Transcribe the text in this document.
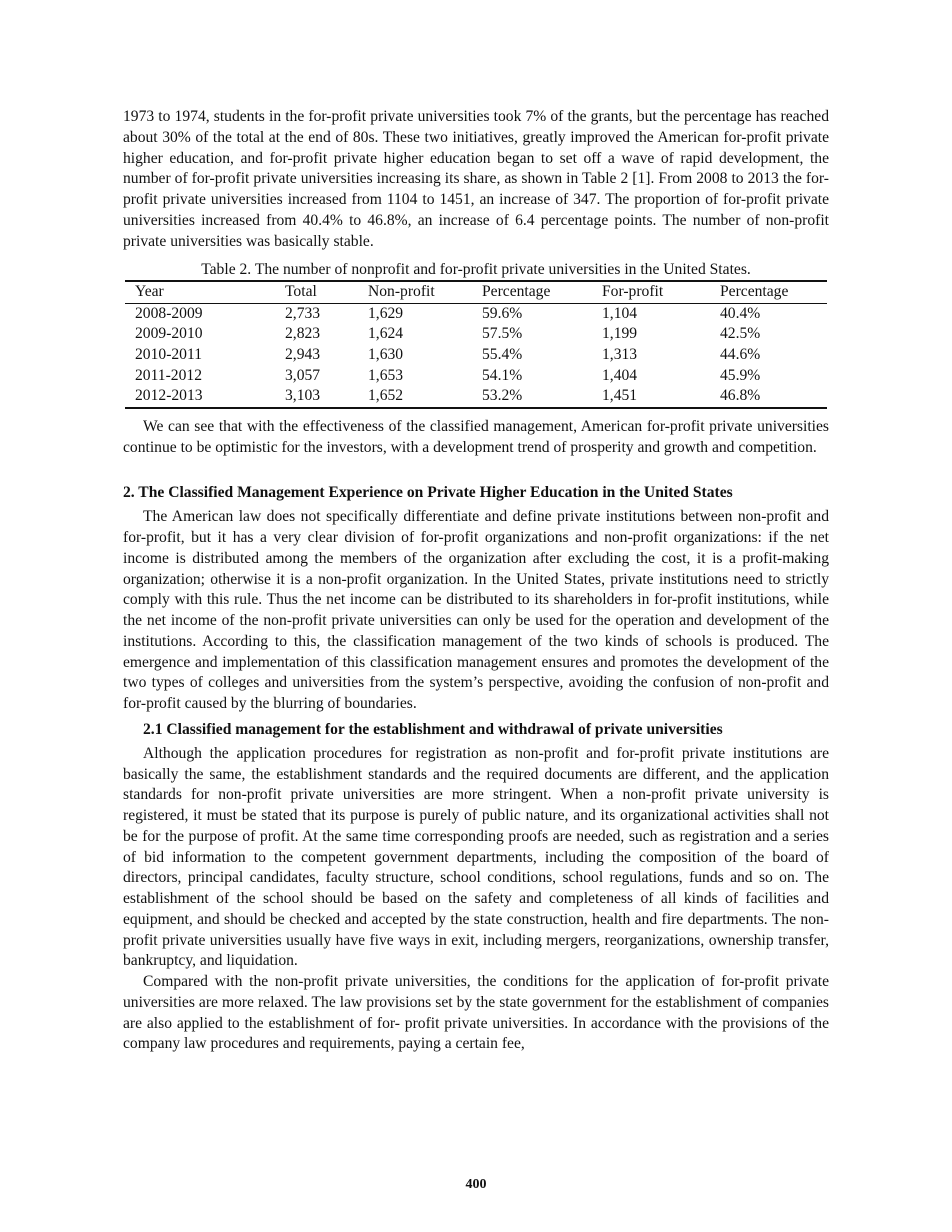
1973 to 1974, students in the for-profit private universities took 7% of the grants, but the percentage has reached about 30% of the total at the end of 80s. These two initiatives, greatly improved the American for-profit private higher education, and for-profit private higher education began to set off a wave of rapid development, the number of for-profit private universities increasing its share, as shown in Table 2 [1]. From 2008 to 2013 the for-profit private universities increased from 1104 to 1451, an increase of 347. The proportion of for-profit private universities increased from 40.4% to 46.8%, an increase of 6.4 percentage points. The number of non-profit private universities was basically stable.

Table 2. The number of nonprofit and for-profit private universities in the United States.
Year	Total	Non-profit	Percentage	For-profit	Percentage
2008-2009	2,733	1,629	59.6%	1,104	40.4%
2009-2010	2,823	1,624	57.5%	1,199	42.5%
2010-2011	2,943	1,630	55.4%	1,313	44.6%
2011-2012	3,057	1,653	54.1%	1,404	45.9%
2012-2013	3,103	1,652	53.2%	1,451	46.8%

We can see that with the effectiveness of the classified management, American for-profit private universities continue to be optimistic for the investors, with a development trend of prosperity and growth and competition.

2. The Classified Management Experience on Private Higher Education in the United States

The American law does not specifically differentiate and define private institutions between non-profit and for-profit, but it has a very clear division of for-profit organizations and non-profit organizations: if the net income is distributed among the members of the organization after excluding the cost, it is a profit-making organization; otherwise it is a non-profit organization. In the United States, private institutions need to strictly comply with this rule. Thus the net income can be distributed to its shareholders in for-profit institutions, while the net income of the non-profit private universities can only be used for the operation and development of the institutions. According to this, the classification management of the two kinds of schools is produced. The emergence and implementation of this classification management ensures and promotes the development of the two types of colleges and universities from the system’s perspective, avoiding the confusion of non-profit and for-profit caused by the blurring of boundaries.

2.1 Classified management for the establishment and withdrawal of private universities

Although the application procedures for registration as non-profit and for-profit private institutions are basically the same, the establishment standards and the required documents are different, and the application standards for non-profit private universities are more stringent. When a non-profit private university is registered, it must be stated that its purpose is purely of public nature, and its organizational activities shall not be for the purpose of profit. At the same time corresponding proofs are needed, such as registration and a series of bid information to the competent government departments, including the composition of the board of directors, principal candidates, faculty structure, school conditions, school regulations, funds and so on. The establishment of the school should be based on the safety and completeness of all kinds of facilities and equipment, and should be checked and accepted by the state construction, health and fire departments. The non-profit private universities usually have five ways in exit, including mergers, reorganizations, ownership transfer, bankruptcy, and liquidation.

Compared with the non-profit private universities, the conditions for the application of for-profit private universities are more relaxed. The law provisions set by the state government for the establishment of companies are also applied to the establishment of for- profit private universities. In accordance with the provisions of the company law procedures and requirements, paying a certain fee,

400
